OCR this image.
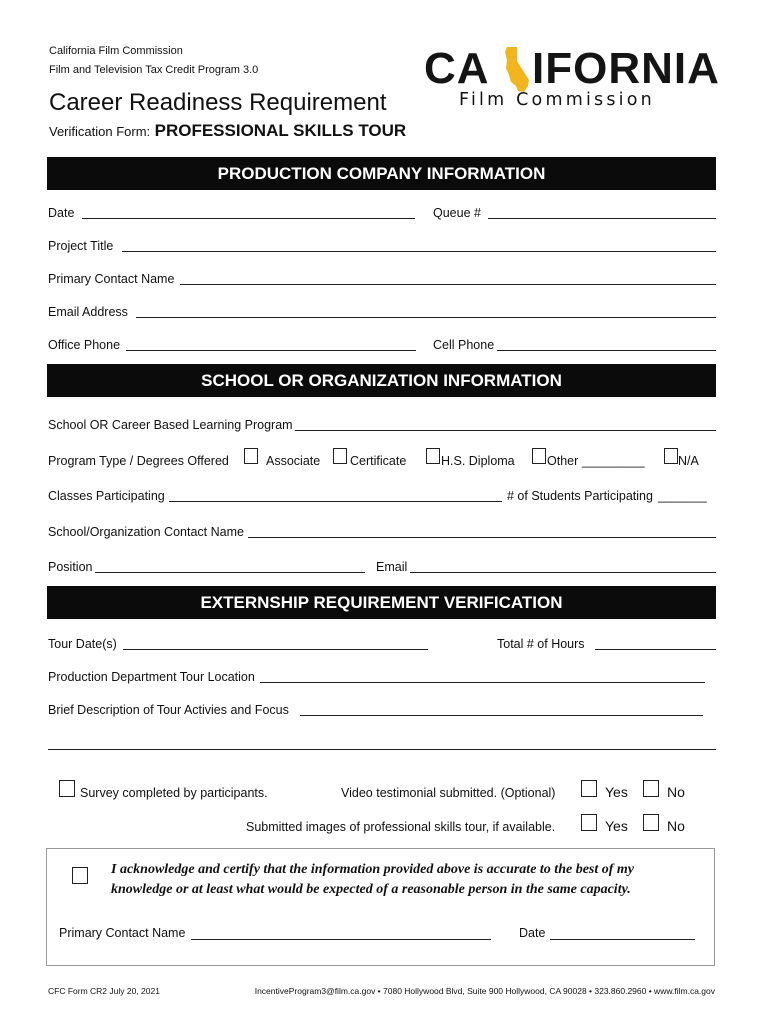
California Film Commission
Film and Television Tax Credit Program 3.0
Career Readiness Requirement
Verification Form: PROFESSIONAL SKILLS TOUR
CA IFORNIA
Film Commission
PRODUCTION COMPANY INFORMATION
Date	Queue #
Project Title
Primary Contact Name
Email Address
Office Phone	Cell Phone
SCHOOL OR ORGANIZATION INFORMATION
School OR Career Based Learning Program
Program Type / Degrees Offered	Associate Certificate	H.S. Diploma	Other _________	N/A
Classes Participating	# of Students Participating _______
School/Organization Contact Name
Position	Email
EXTERNSHIP REQUIREMENT VERIFICATION
Tour Date(s)	Total # of Hours
Production Department Tour Location
Brief Description of Tour Activies and Focus
Survey completed by participants.	Video testimonial submitted. (Optional)	Yes	No
Submitted images of professional skills tour, if available.	Yes	No
I acknowledge and certify that the information provided above is accurate to the best of my knowledge or at least what would be expected of a reasonable person in the same capacity.
Primary Contact Name	Date
CFC Form CR2 July 20, 2021	IncentiveProgram3@film.ca.gov • 7080 Hollywood Blvd, Suite 900 Hollywood, CA 90028 • 323.860.2960 • www.film.ca.gov
